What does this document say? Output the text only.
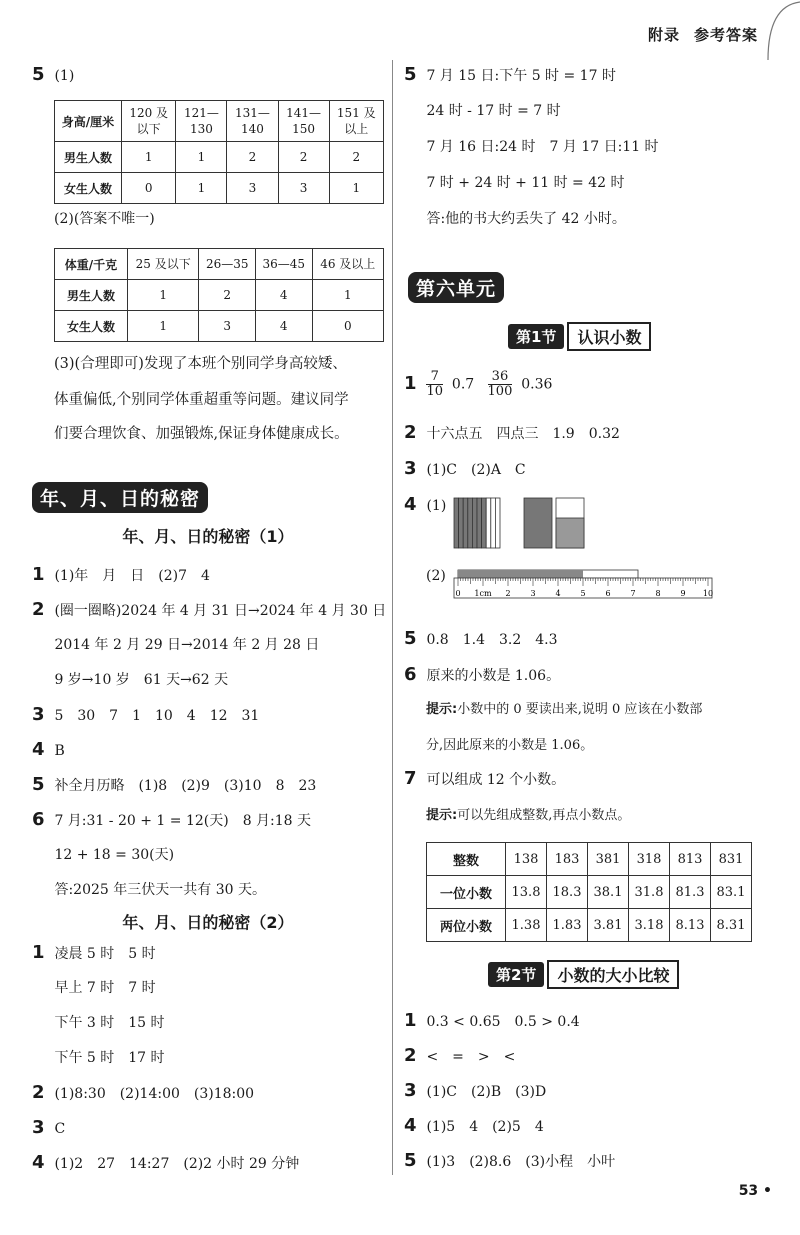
附录 参考答案
5 (1)
身高/厘米	120 及以下	121—130	131—140	141—150	151 及以上
男生人数	1	1	2	2	2
女生人数	0	1	3	3	1
(2)(答案不唯一)
体重/千克	25 及以下	26—35	36—45	46 及以上
男生人数	1	2	4	1
女生人数	1	3	4	0
(3)(合理即可)发现了本班个别同学身高较矮、
体重偏低,个别同学体重超重等问题。建议同学
们要合理饮食、加强锻炼,保证身体健康成长。
年、月、日的秘密
年、月、日的秘密（1）
1 (1)年　月　日　(2)7　4
2 (圈一圈略)2024 年 4 月 31 日→2024 年 4 月 30 日
2014 年 2 月 29 日→2014 年 2 月 28 日
9 岁→10 岁　61 天→62 天
3 5　30　7　1　10　4　12　31
4 B
5 补全月历略　(1)8　(2)9　(3)10　8　23
6 7 月:31 - 20 + 1 = 12(天)　8 月:18 天
12 + 18 = 30(天)
答:2025 年三伏天一共有 30 天。
年、月、日的秘密（2）
1 凌晨 5 时　5 时
早上 7 时　7 时
下午 3 时　15 时
下午 5 时　17 时
2 (1)8:30　(2)14:00　(3)18:00
3 C
4 (1)2　27　14:27　(2)2 小时 29 分钟
5 7 月 15 日:下午 5 时 = 17 时
24 时 - 17 时 = 7 时
7 月 16 日:24 时　7 月 17 日:11 时
7 时 + 24 时 + 11 时 = 42 时
答:他的书大约丢失了 42 小时。
第六单元
第1节	认识小数
$1 \frac{7}{10} 0.7 \frac{36}{100} 0.36$
2 十六点五　四点三　1.9　0.32
3 (1)C　(2)A　C
4 (1)
(2)
0 1cm 2 3 4 5 6 7 8 9 10
5 0.8　1.4　3.2　4.3
6 原来的小数是 1.06。
提示:小数中的 0 要读出来,说明 0 应该在小数部
分,因此原来的小数是 1.06。
7 可以组成 12 个小数。
提示:可以先组成整数,再点小数点。
整数	138	183	381	318	813	831
一位小数	13.8	18.3	38.1	31.8	81.3	83.1
两位小数	1.38	1.83	3.81	3.18	8.13	8.31
第2节	小数的大小比较
1 0.3 < 0.65　0.5 > 0.4
2 <　=　>　<
3 (1)C　(2)B　(3)D
4 (1)5　4　(2)5　4
5 (1)3　(2)8.6　(3)小程　小叶
53 •
